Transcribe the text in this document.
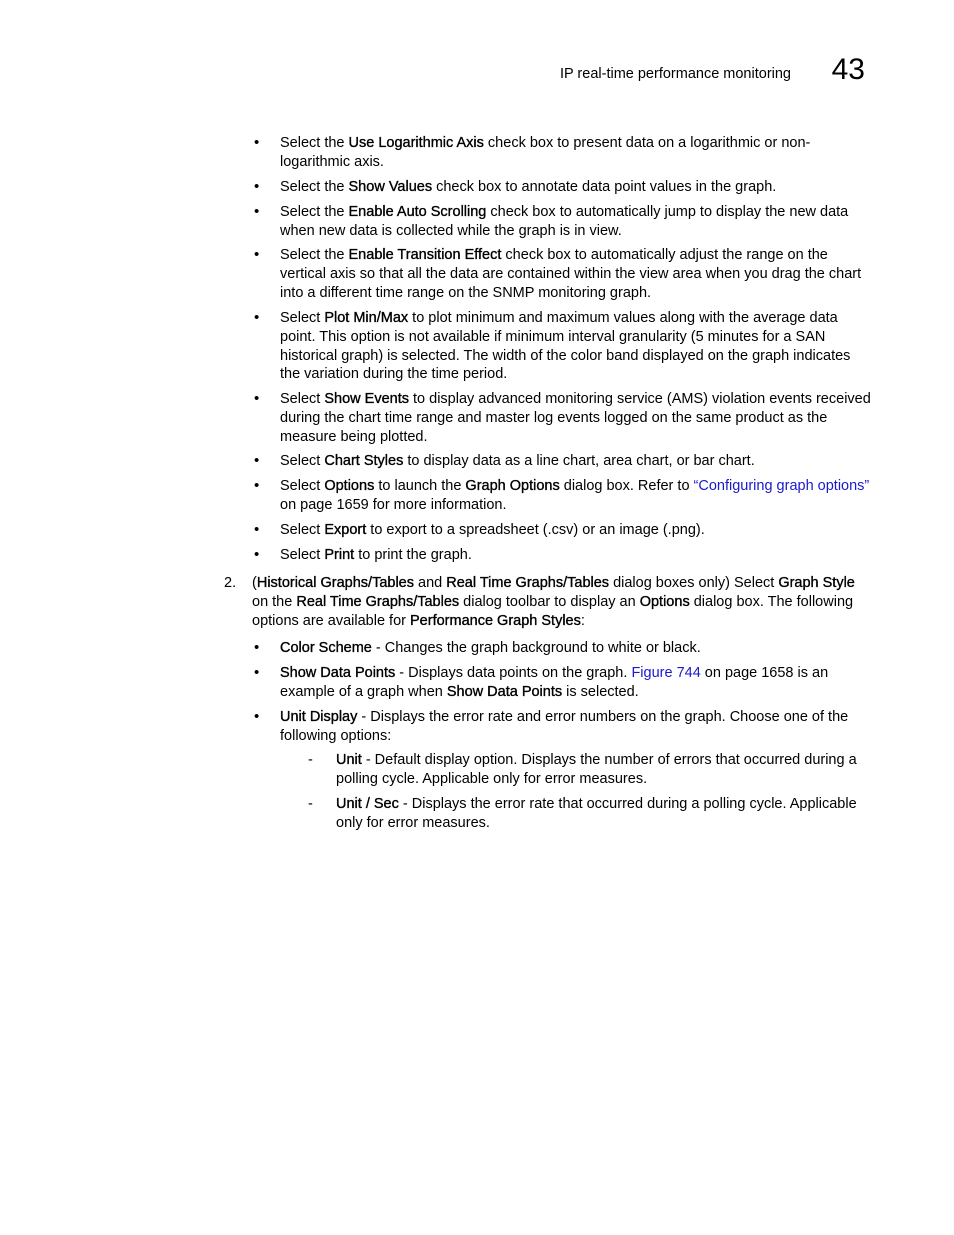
IP real-time performance monitoring 43
• Select the Use Logarithmic Axis check box to present data on a logarithmic or non-logarithmic axis.
• Select the Show Values check box to annotate data point values in the graph.
• Select the Enable Auto Scrolling check box to automatically jump to display the new data when new data is collected while the graph is in view.
• Select the Enable Transition Effect check box to automatically adjust the range on the vertical axis so that all the data are contained within the view area when you drag the chart into a different time range on the SNMP monitoring graph.
• Select Plot Min/Max to plot minimum and maximum values along with the average data point. This option is not available if minimum interval granularity (5 minutes for a SAN historical graph) is selected. The width of the color band displayed on the graph indicates the variation during the time period.
• Select Show Events to display advanced monitoring service (AMS) violation events received during the chart time range and master log events logged on the same product as the measure being plotted.
• Select Chart Styles to display data as a line chart, area chart, or bar chart.
• Select Options to launch the Graph Options dialog box. Refer to “Configuring graph options” on page 1659 for more information.
• Select Export to export to a spreadsheet (.csv) or an image (.png).
• Select Print to print the graph.
2. (Historical Graphs/Tables and Real Time Graphs/Tables dialog boxes only) Select Graph Style on the Real Time Graphs/Tables dialog toolbar to display an Options dialog box. The following options are available for Performance Graph Styles:
• Color Scheme - Changes the graph background to white or black.
• Show Data Points - Displays data points on the graph. Figure 744 on page 1658 is an example of a graph when Show Data Points is selected.
• Unit Display - Displays the error rate and error numbers on the graph. Choose one of the following options:
- Unit - Default display option. Displays the number of errors that occurred during a polling cycle. Applicable only for error measures.
- Unit / Sec - Displays the error rate that occurred during a polling cycle. Applicable only for error measures.
